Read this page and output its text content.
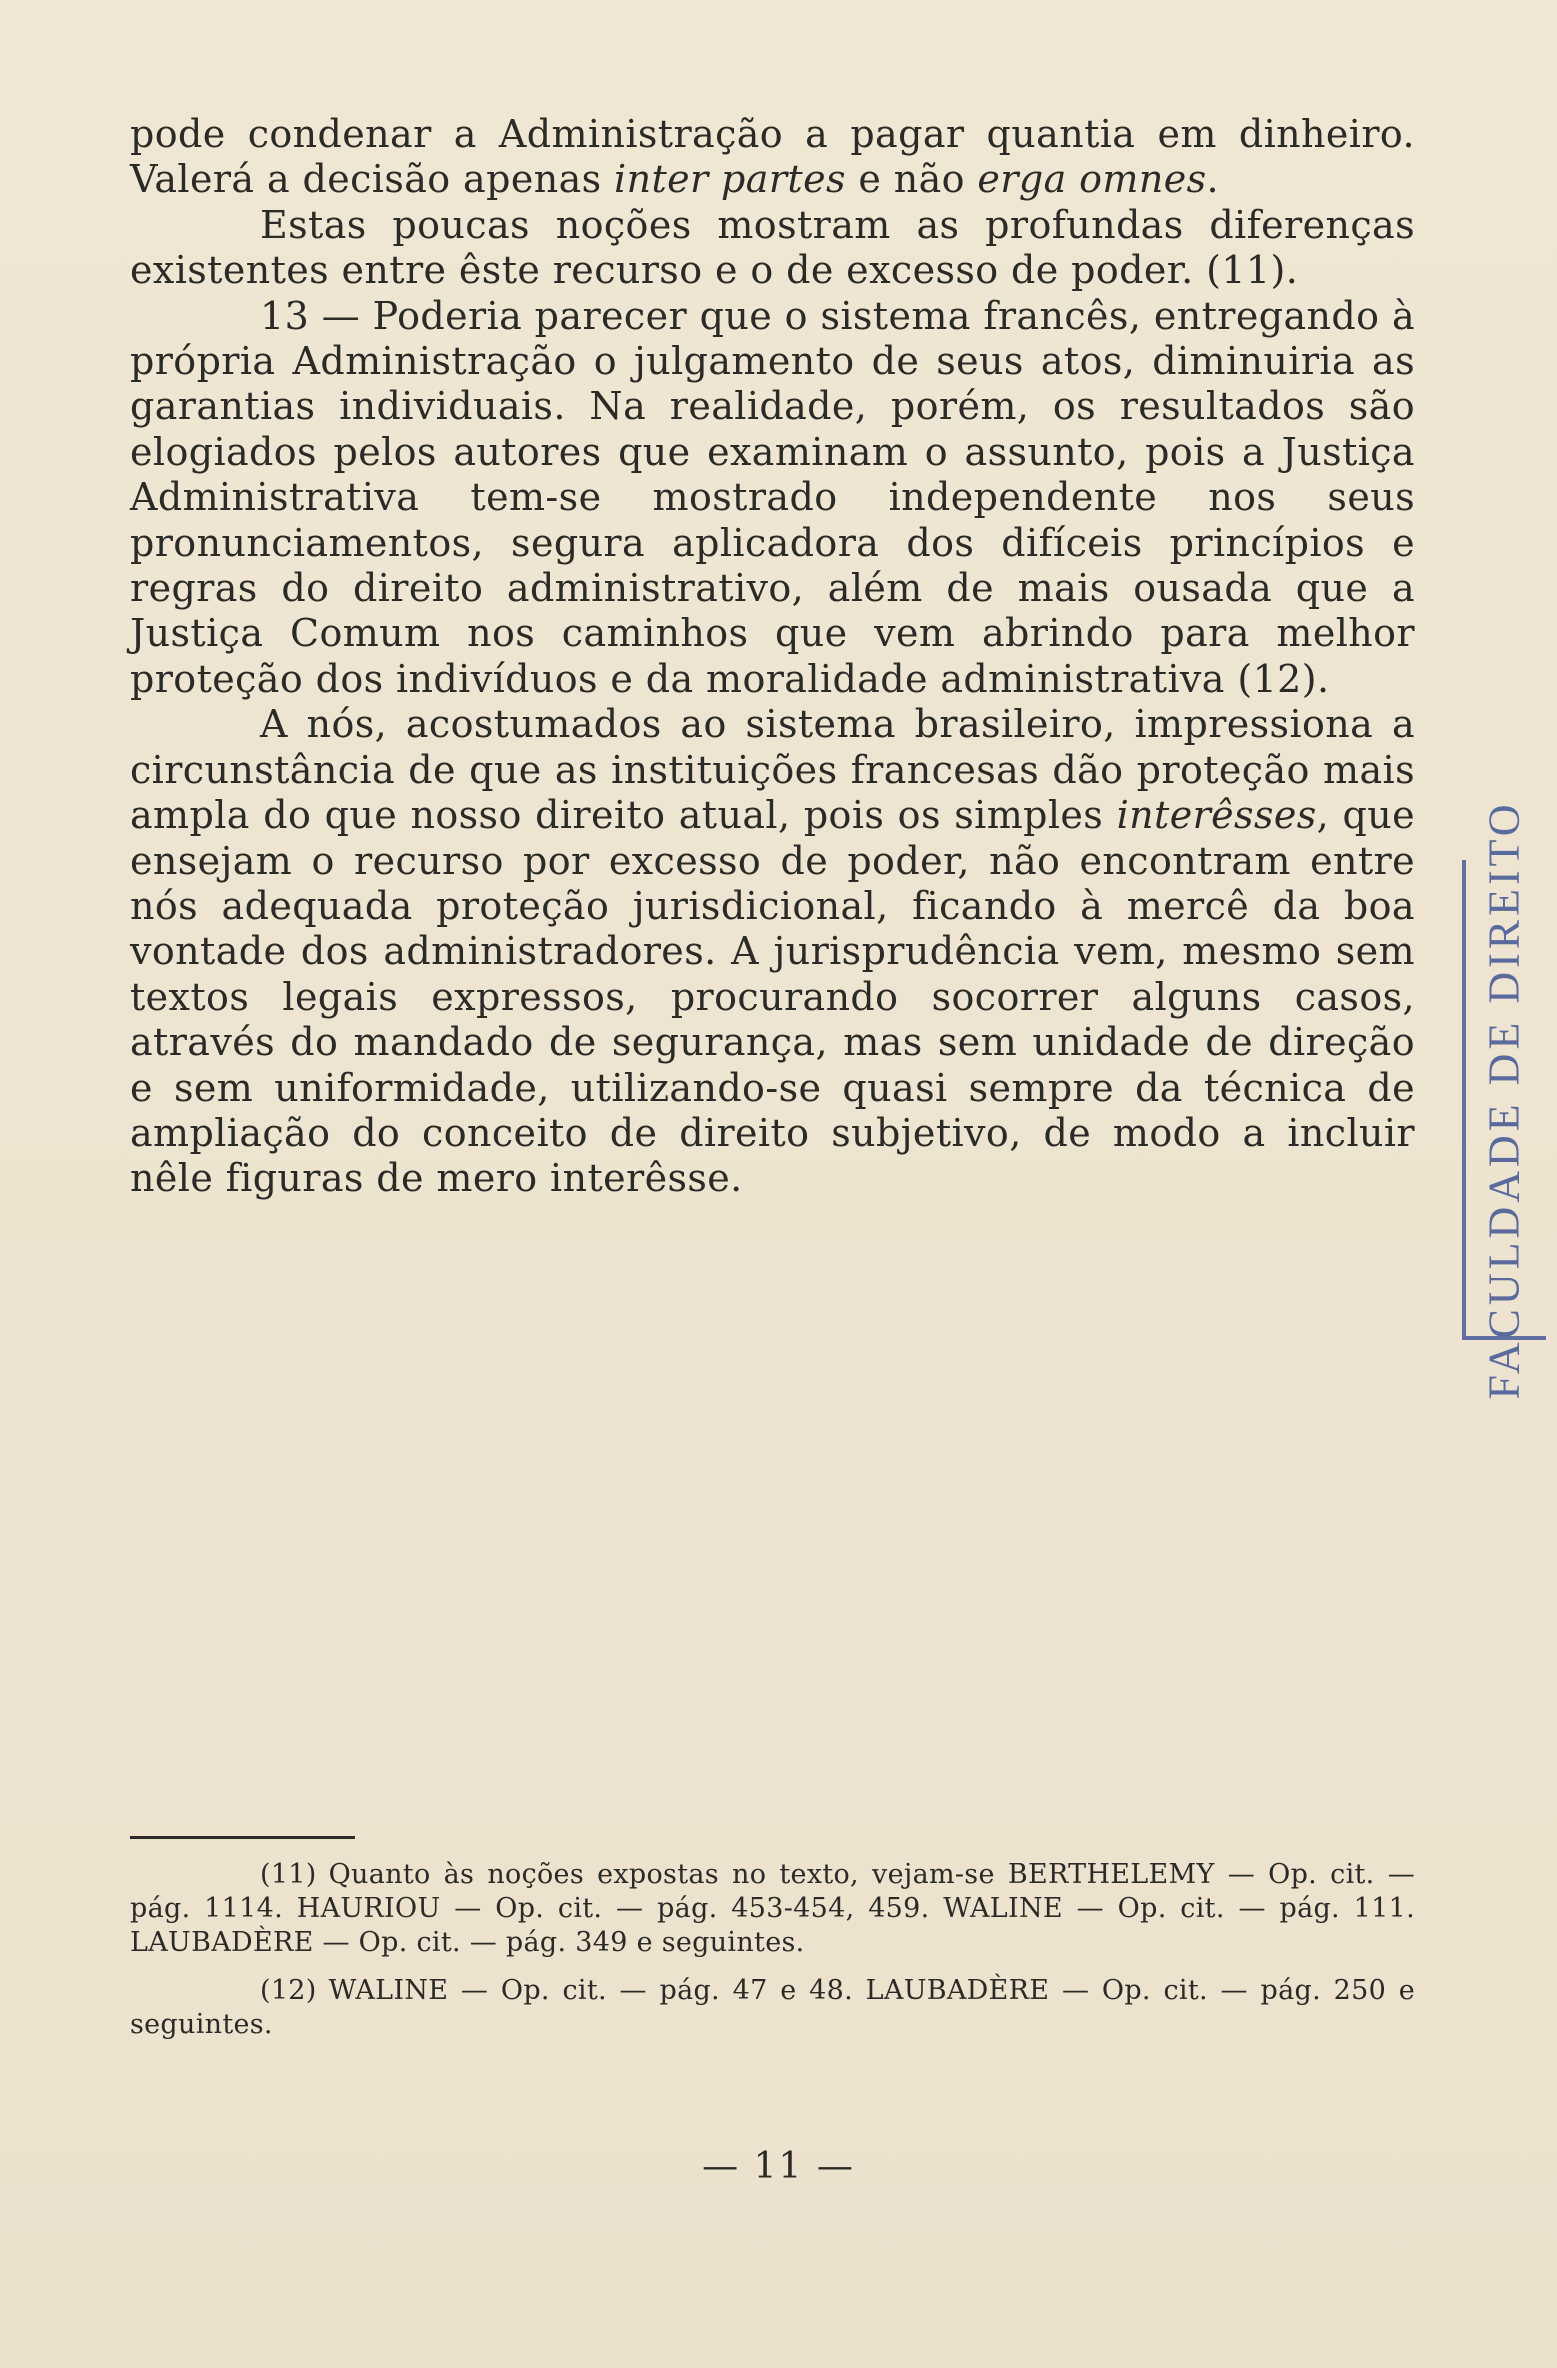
pode condenar a Administração a pagar quantia em dinheiro. Valerá a decisão apenas inter partes e não erga omnes.

Estas poucas noções mostram as profundas diferenças existentes entre êste recurso e o de excesso de poder. (11).

13 — Poderia parecer que o sistema francês, entregando à própria Administração o julgamento de seus atos, diminuiria as garantias individuais. Na realidade, porém, os resultados são elogiados pelos autores que examinam o assunto, pois a Justiça Administrativa tem-se mostrado independente nos seus pronunciamentos, segura aplicadora dos difíceis princípios e regras do direito administrativo, além de mais ousada que a Justiça Comum nos caminhos que vem abrindo para melhor proteção dos indivíduos e da moralidade administrativa (12).

A nós, acostumados ao sistema brasileiro, impressiona a circunstância de que as instituições francesas dão proteção mais ampla do que nosso direito atual, pois os simples interêsses, que ensejam o recurso por excesso de poder, não encontram entre nós adequada proteção jurisdicional, ficando à mercê da boa vontade dos administradores. A jurisprudência vem, mesmo sem textos legais expressos, procurando socorrer alguns casos, através do mandado de segurança, mas sem unidade de direção e sem uniformidade, utilizando-se quasi sempre da técnica de ampliação do conceito de direito subjetivo, de modo a incluir nêle figuras de mero interêsse.	FACULDADE DE DIREITO

(11) Quanto às noções expostas no texto, vejam-se BERTHELEMY — Op. cit. — pág. 1114. HAURIOU — Op. cit. — pág. 453-454, 459. WALINE — Op. cit. — pág. 111. LAUBADÈRE — Op. cit. — pág. 349 e seguintes.

(12) WALINE — Op. cit. — pág. 47 e 48. LAUBADÈRE — Op. cit. — pág. 250 e seguintes.

— 11 —
